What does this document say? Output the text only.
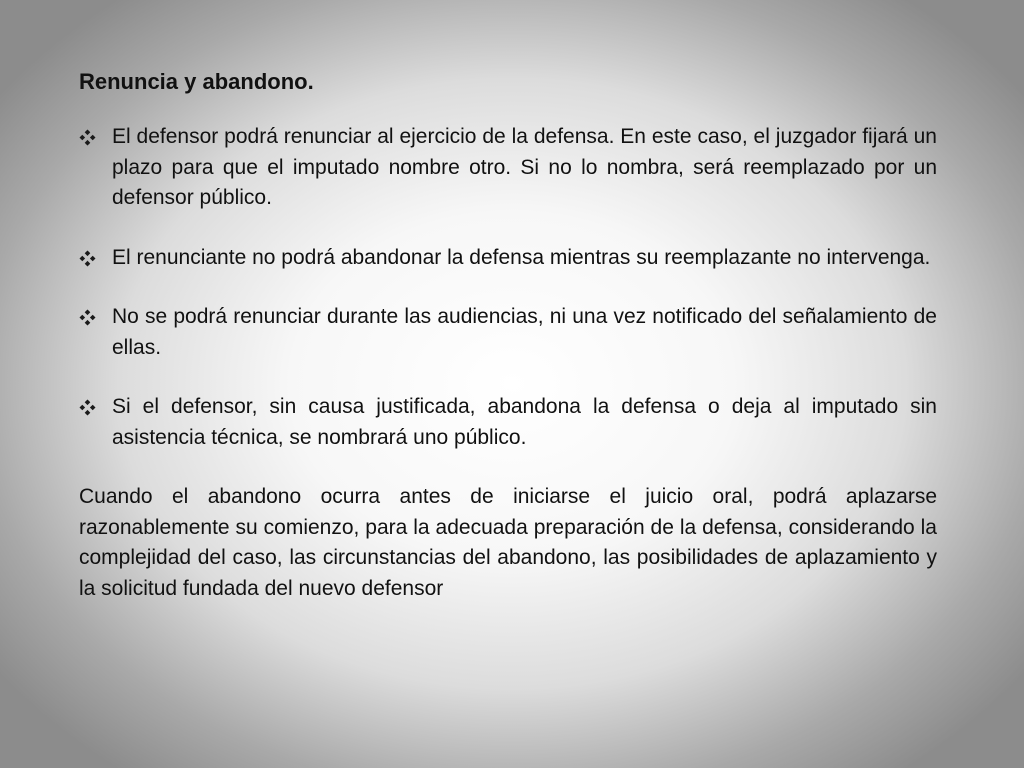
Renuncia y abandono.
El defensor podrá renunciar al ejercicio de la defensa. En este caso, el juzgador fijará un plazo para que el imputado nombre otro. Si no lo nombra, será reemplazado por un defensor público.
El renunciante no podrá abandonar la defensa mientras su reemplazante no intervenga.
No se podrá renunciar durante las audiencias, ni una vez notificado del señalamiento de ellas.
Si el defensor, sin causa justificada, abandona la defensa o deja al imputado sin asistencia técnica, se nombrará uno público.

Cuando el abandono ocurra antes de iniciarse el juicio oral, podrá aplazarse razonablemente su comienzo, para la adecuada preparación de la defensa, considerando la complejidad del caso, las circunstancias del abandono, las posibilidades de aplazamiento y la solicitud fundada del nuevo defensor
